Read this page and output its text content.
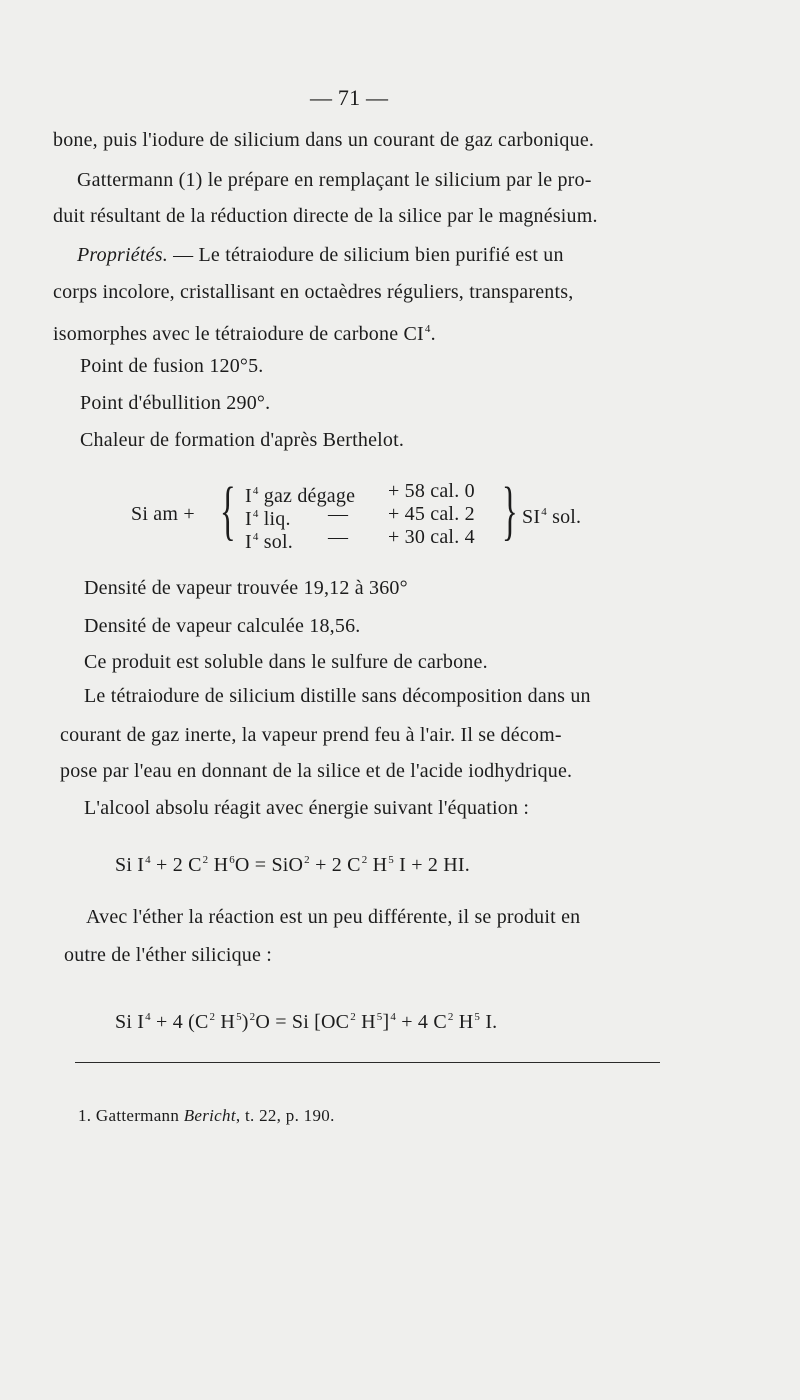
— 71 —
bone, puis l'iodure de silicium dans un courant de gaz carbonique.
Gattermann (1) le prépare en remplaçant le silicium par le pro-
duit résultant de la réduction directe de la silice par le magnésium.
Propriétés. — Le tétraiodure de silicium bien purifié est un
corps incolore, cristallisant en octaèdres réguliers, transparents,
isomorphes avec le tétraiodure de carbone $CI^4$.
Point de fusion 120°5.
Point d'ébullition 290°.
Chaleur de formation d'après Berthelot.
Si am + { $I^4$ gaz dégage + 58 cal. 0
$I^4$ liq. — + 45 cal. 2
$I^4$ sol. — + 30 cal. 4 } $SI^4$ sol.
Densité de vapeur trouvée 19,12 à 360°
Densité de vapeur calculée 18,56.
Ce produit est soluble dans le sulfure de carbone.
Le tétraiodure de silicium distille sans décomposition dans un
courant de gaz inerte, la vapeur prend feu à l'air. Il se décom-
pose par l'eau en donnant de la silice et de l'acide iodhydrique.
L'alcool absolu réagit avec énergie suivant l'équation :
Si $I^4 + 2$ $C^2$ $H^6O = SiO^2 + 2$ $C^2$ $H^5$ I + 2 HI.
Avec l'éther la réaction est un peu différente, il se produit en
outre de l'éther silicique :
Si $I^4 + 4$ ($C^2$ $H^5)^2O = Si$ [$OC^2$ $H^5]^4 + 4$ $C^2$ $H^5$ I.
1. Gattermann Bericht, t. 22, p. 190.
